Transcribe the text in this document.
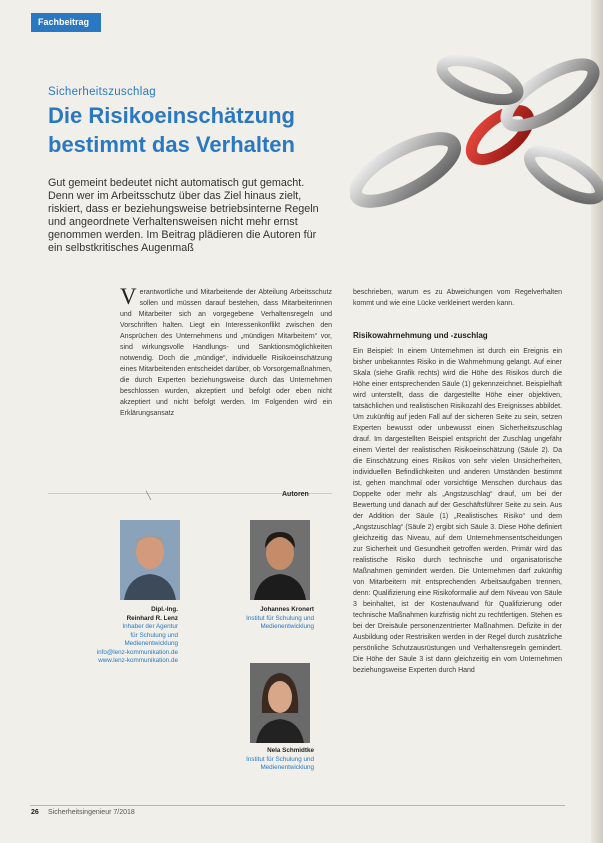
Fachbeitrag
Sicherheitszuschlag
Die Risikoeinschätzung
bestimmt das Verhalten

Gut gemeint bedeutet nicht automatisch gut gemacht. Denn wer im Arbeitsschutz über das Ziel hinaus zielt, riskiert, dass er beziehungsweise betriebsinterne Regeln und angeordnete Verhaltensweisen nicht mehr ernst genommen werden. Im Beitrag plädieren die Autoren für ein selbstkritisches Augenmaß

Verantwortliche und Mitarbeitende der Abteilung Arbeitsschutz sollen und müssen darauf bestehen, dass Mitarbeiterinnen und Mitarbeiter sich an vorgegebene Verhaltensregeln und Vorschriften halten. Liegt ein Interessenkonflikt zwischen den Ansprüchen des Unternehmens und „mündigen Mitarbeitern“ vor, sind wirkungsvolle Handlungs- und Sanktionsmöglichkeiten notwendig. Doch die „mündige“, individuelle Risikoeinschätzung eines Mitarbeitenden entscheidet darüber, ob Vorsorgemaßnahmen, die durch Experten beziehungsweise durch das Unternehmen beschlossen wurden, akzeptiert und befolgt oder eben nicht akzeptiert und nicht befolgt werden. Im Folgenden wird ein Erklärungsansatz

beschrieben, warum es zu Abweichungen vom Regelverhalten kommt und wie eine Lücke verkleinert werden kann.

Risikowahrnehmung und -zuschlag

Ein Beispiel: In einem Unternehmen ist durch ein Ereignis ein bisher unbekanntes Risiko in die Wahrnehmung gelangt. Auf einer Skala (siehe Grafik rechts) wird die Höhe des Risikos durch die Höhe einer entsprechenden Säule (1) gekennzeichnet. Beispielhaft wird unterstellt, dass die dargestellte Höhe einer objektiven, tatsächlichen und realistischen Risikozahl des Ereignisses abbildet. Um zukünftig auf jeden Fall auf der sicheren Seite zu sein, setzen Experten bewusst oder unbewusst einen Sicherheitszuschlag drauf. Im dargestellten Beispiel entspricht der Zuschlag ungefähr einem Viertel der realistischen Risikoeinschätzung (Säule 2). Da die Einschätzung eines Risikos von sehr vielen Unsicherheiten, individuellen Befindlichkeiten und anderen Umständen bestimmt ist, gehen manchmal oder vorsichtige Menschen durchaus das Doppelte oder mehr als „Angstzuschlag“ drauf, um bei der Bewertung und danach auf der Geschäftsführer Seite zu sein. Aus der Addition der Säule (1) „Realistisches Risiko“ und dem „Angstzuschlag“ (Säule 2) ergibt sich Säule 3. Diese Höhe definiert gleichzeitig das Niveau, auf dem Unternehmensentscheidungen zur Sicherheit und Gesundheit getroffen werden. Primär wird das realistische Risiko durch technische und organisatorische Maßnahmen gemindert werden. Die Unternehmen darf zukünftig von Mitarbeitern mit entsprechenden Arbeitsaufgaben trennen, denn: Qualifizierung eine Risikoformalie auf dem Niveau von Säule 3 beinhaltet, ist der Kostenaufwand für Qualifizierung oder technische Maßnahmen kurzfristig nicht zu rechtfertigen. Stehen es bei der Dreisäule personenzentrierter Maßnahmen. Defizite in der Ausbildung oder Restrisiken werden in der Regel durch zusätzliche persönliche Schutzausrüstungen und Verhaltensregeln gemindert. Die Höhe der Säule 3 ist dann gleichzeitig ein vom Unternehmen beziehungsweise Experten durch Hand

╲	Autoren

Dipl.-Ing.
Reinhard R. Lenz
Inhaber der Agentur
für Schulung und
Medienentwicklung
info@lenz-kommunikation.de
www.lenz-kommunikation.de

Johannes Kronert
Institut für Schulung und
Medienentwicklung

Nela Schmidtke
Institut für Schulung und
Medienentwicklung

26 Sicherheitsingenieur 7/2018
